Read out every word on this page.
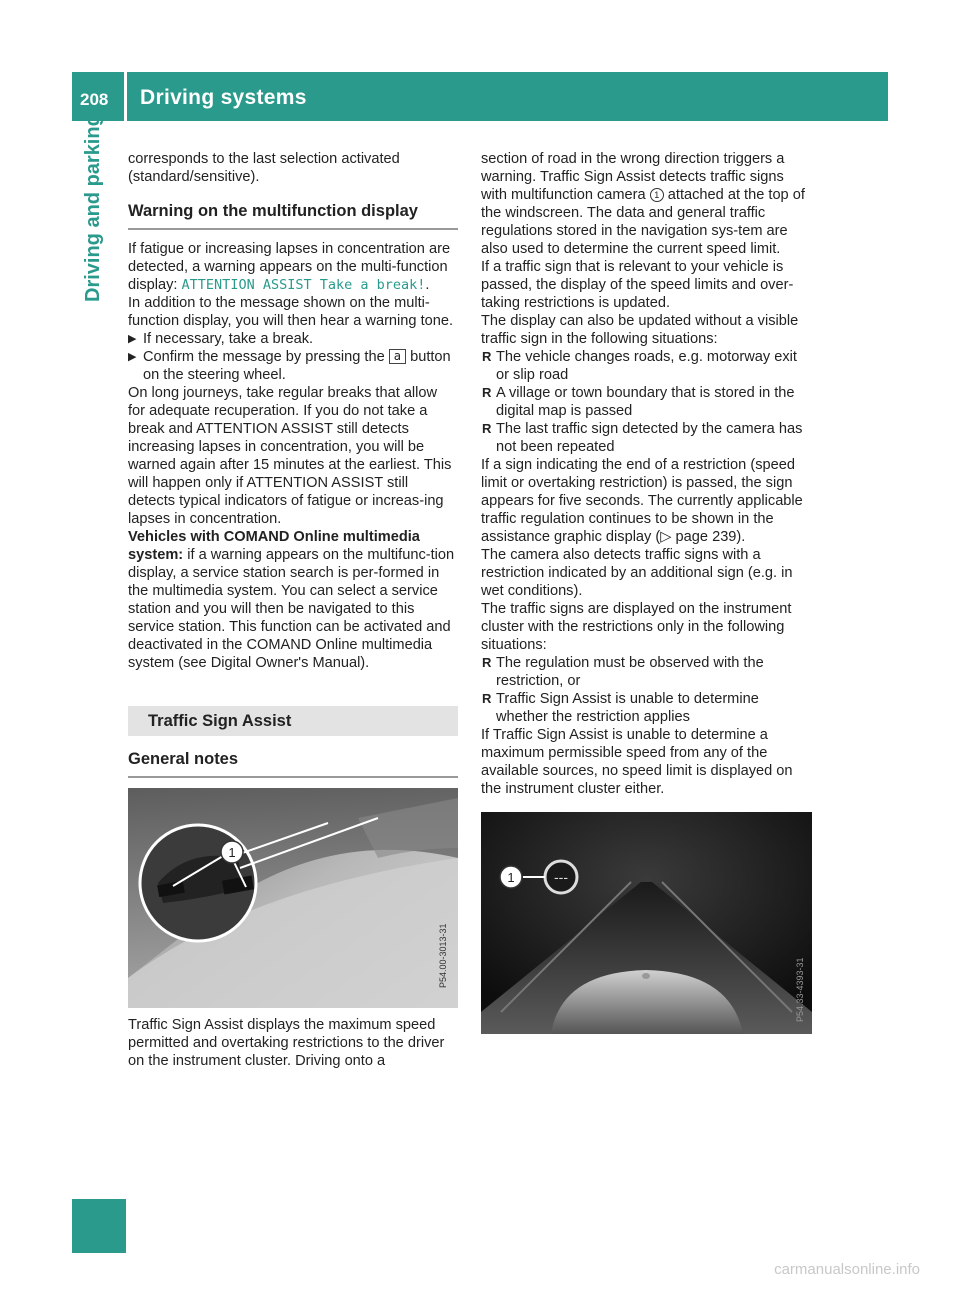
208 Driving systems
Driving and parking corresponds to the last selection activated (standard/sensitive).

Warning on the multifunction display

If fatigue or increasing lapses in concentration are detected, a warning appears on the multi-function display: ATTENTION ASSIST Take a break!.

In addition to the message shown on the multi-function display, you will then hear a warning tone.

▶ If necessary, take a break.

▶ Confirm the message by pressing the a button on the steering wheel.

On long journeys, take regular breaks that allow for adequate recuperation. If you do not take a break and ATTENTION ASSIST still detects increasing lapses in concentration, you will be warned again after 15 minutes at the earliest. This will happen only if ATTENTION ASSIST still detects typical indicators of fatigue or increas-ing lapses in concentration.

Vehicles with COMAND Online multimedia system: if a warning appears on the multifunc-tion display, a service station search is per-formed in the multimedia system. You can select a service station and you will then be navigated to this service station. This function can be activated and deactivated in the COMAND Online multimedia system (see Digital Owner's Manual).

Traffic Sign Assist
General notes
1
P54.00-3013-31

Traffic Sign Assist displays the maximum speed permitted and overtaking restrictions to the driver on the instrument cluster. Driving onto a

section of road in the wrong direction triggers a warning. Traffic Sign Assist detects traffic signs with multifunction camera 1 attached at the top of the windscreen. The data and general traffic regulations stored in the navigation sys-tem are also used to determine the current speed limit.

If a traffic sign that is relevant to your vehicle is passed, the display of the speed limits and over-taking restrictions is updated.

The display can also be updated without a visible traffic sign in the following situations:

R The vehicle changes roads, e.g. motorway exit or slip road

R A village or town boundary that is stored in the digital map is passed

R The last traffic sign detected by the camera has not been repeated

If a sign indicating the end of a restriction (speed limit or overtaking restriction) is passed, the sign appears for five seconds. The currently applicable traffic regulation continues to be shown in the assistance graphic display (▷ page 239).

The camera also detects traffic signs with a restriction indicated by an additional sign (e.g. in wet conditions).

The traffic signs are displayed on the instrument cluster with the restrictions only in the following situations:

R The regulation must be observed with the restriction, or

R Traffic Sign Assist is unable to determine whether the restriction applies

If Traffic Sign Assist is unable to determine a maximum permissible speed from any of the available sources, no speed limit is displayed on the instrument cluster either.

---
1
P54.33-4393-31
carmanualsonline.info
